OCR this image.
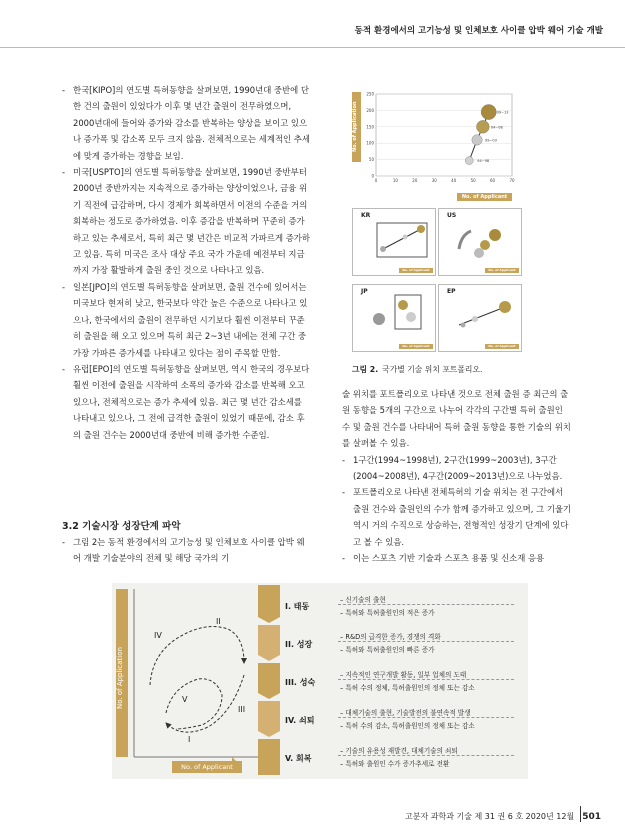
동적 환경에서의 고기능성 및 인체보호 사이클 압박 웨어 기술 개발

- 한국[KIPO]의 연도별 특허동향을 살펴보면, 1990년대 중반에 단 한 건의 출원이 있었다가 이후 몇 년간 출원이 전무하였으며, 2000년대에 들어와 증가와 감소를 반복하는 양상을 보이고 있으나 증가폭 및 감소폭 모두 크지 않음. 전체적으로는 세계적인 추세에 맞게 증가하는 경향을 보임.

- 미국[USPTO]의 연도별 특허동향을 살펴보면, 1990년 중반부터 2000년 중반까지는 지속적으로 증가하는 양상이었으나, 금융 위기 직전에 급감하며, 다시 경제가 회복하면서 이전의 수준을 거의 회복하는 정도로 증가하였음. 이후 증감을 반복하며 꾸준히 증가하고 있는 추세로서, 특히 최근 몇 년간은 비교적 가파르게 증가하고 있음. 특히 미국은 조사 대상 주요 국가 가운데 예전부터 지금까지 가장 활발하게 출원 중인 것으로 나타나고 있음.

- 일본[JPO]의 연도별 특허동향을 살펴보면, 출원 건수에 있어서는 미국보다 현저히 낮고, 한국보다 약간 높은 수준으로 나타나고 있으나, 한국에서의 출원이 전무하던 시기보다 훨씬 이전부터 꾸준히 출원을 해 오고 있으며 특히 최근 2~3년 내에는 전체 구간 중 가장 가파른 증가세를 나타내고 있다는 점이 주목할 만함.

- 유럽[EPO]의 연도별 특허동향을 살펴보면, 역시 한국의 경우보다 훨씬 이전에 출원을 시작하여 소폭의 증가와 감소를 반복해 오고 있으나, 전체적으로는 증가 추세에 있음. 최근 몇 년간 감소세를 나타내고 있으나, 그 전에 급격한 출원이 있었기 때문에, 감소 후의 출원 건수는 2000년대 중반에 비해 증가한 수준임.

3.2 기술시장 성장단계 파악

- 그림 2는 동적 환경에서의 고기능성 및 인체보호 사이클 압박 웨어 개발 기술분야의 전체 및 해당 국가의 기

No. of Application
250
200
150
100
50
0
0	10	20	30	40	50	60	70
94~98
99~03
04~08
09~13
No. of Applicant
KR
No. of Applicant
US
No. of Applicant
JP
No. of Applicant
EP
No. of Applicant
그림 2. 국가별 기술 위치 포트폴리오.

술 위치를 포트폴리오로 나타낸 것으로 전체 출원 증 최근의 출원 동향을 5개의 구간으로 나누어 각각의 구간별 특허 출원인 수 및 출원 건수를 나타내어 특허 출원 동향을 통한 기술의 위치를 살펴볼 수 있음.

- 1구간(1994~1998년), 2구간(1999~2003년), 3구간(2004~2008년), 4구간(2009~2013년)으로 나누었음.

- 포트폴리오로 나타낸 전체특허의 기술 위치는 전 구간에서 출원 건수와 출원인의 수가 함께 증가하고 있으며, 그 기울기 역시 거의 수직으로 상승하는, 전형적인 성장기 단계에 있다고 볼 수 있음.

- 이는 스포츠 기반 기술과 스포츠 용품 및 신소재 응용

No. of Application
No. of Applicant
IV
II
III
V
I
I. 태동
– 신기술의 출현
– 특허와 특허출원인의 적은 증가
II. 성장
– R&D의 급격한 증가, 경쟁의 격화
– 특허와 특허출원인의 빠른 증가
III. 성숙
– 지속적인 연구개발 활동, 일부 업체의 도태
– 특허 수의 정체, 특허출원인의 정체 또는 감소
IV. 쇠퇴
– 대체기술의 출현, 기술발전의 불연속적 발생
– 특허 수의 감소, 특허출원인의 정체 또는 감소
V. 회복
– 기술의 유용성 재발견, 대체기술의 쇠퇴
– 특허와 출원인 수가 증가추세로 전환
고분자 과학과 기술 제 31 권 6 호 2020년 12월 501
